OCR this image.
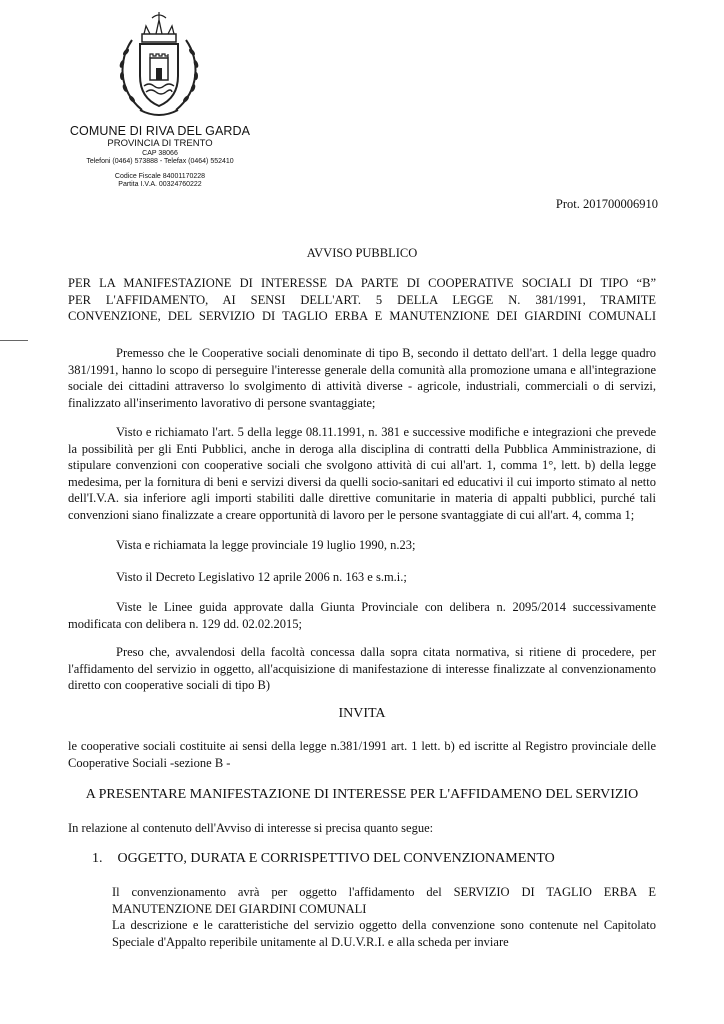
COMUNE DI RIVA DEL GARDA
PROVINCIA DI TRENTO
CAP 38066
Telefoni (0464) 573888 - Telefax (0464) 552410
Codice Fiscale 84001170228
Partita I.V.A. 00324760222
Prot. 201700006910
AVVISO PUBBLICO

PER LA MANIFESTAZIONE DI INTERESSE DA PARTE DI COOPERATIVE SOCIALI DI TIPO “B”

PER L'AFFIDAMENTO, AI SENSI DELL'ART. 5 DELLA LEGGE N. 381/1991, TRAMITE

CONVENZIONE, DEL SERVIZIO DI TAGLIO ERBA E MANUTENZIONE DEI GIARDINI COMUNALI

Premesso che le Cooperative sociali denominate di tipo B, secondo il dettato dell'art. 1 della legge quadro 381/1991, hanno lo scopo di perseguire l'interesse generale della comunità alla promozione umana e all'integrazione sociale dei cittadini attraverso lo svolgimento di attività diverse - agricole, industriali, commerciali o di servizi, finalizzato all'inserimento lavorativo di persone svantaggiate;

Visto e richiamato l'art. 5 della legge 08.11.1991, n. 381 e successive modifiche e integrazioni che prevede la possibilità per gli Enti Pubblici, anche in deroga alla disciplina di contratti della Pubblica Amministrazione, di stipulare convenzioni con cooperative sociali che svolgono attività di cui all'art. 1, comma 1°, lett. b) della legge medesima, per la fornitura di beni e servizi diversi da quelli socio-sanitari ed educativi il cui importo stimato al netto dell'I.V.A. sia inferiore agli importi stabiliti dalle direttive comunitarie in materia di appalti pubblici, purché tali convenzioni siano finalizzate a creare opportunità di lavoro per le persone svantaggiate di cui all'art. 4, comma 1;

Vista e richiamata la legge provinciale 19 luglio 1990, n.23;

Visto il Decreto Legislativo 12 aprile 2006 n. 163 e s.m.i.;

Viste le Linee guida approvate dalla Giunta Provinciale con delibera n. 2095/2014 successivamente modificata con delibera n. 129 dd. 02.02.2015;

Preso che, avvalendosi della facoltà concessa dalla sopra citata normativa, si ritiene di procedere, per l'affidamento del servizio in oggetto, all'acquisizione di manifestazione di interesse finalizzate al convenzionamento diretto con cooperative sociali di tipo B)

INVITA

le cooperative sociali costituite ai sensi della legge n.381/1991 art. 1 lett. b) ed iscritte al Registro provinciale delle Cooperative Sociali -sezione B -

A PRESENTARE MANIFESTAZIONE DI INTERESSE PER L'AFFIDAMENO DEL SERVIZIO
In relazione al contenuto dell'Avviso di interesse si precisa quanto segue:
1. OGGETTO, DURATA E CORRISPETTIVO DEL CONVENZIONAMENTO

Il convenzionamento avrà per oggetto l'affidamento del SERVIZIO DI TAGLIO ERBA E MANUTENZIONE DEI GIARDINI COMUNALI

La descrizione e le caratteristiche del servizio oggetto della convenzione sono contenute nel Capitolato Speciale d'Appalto reperibile unitamente al D.U.V.R.I. e alla scheda per inviare
